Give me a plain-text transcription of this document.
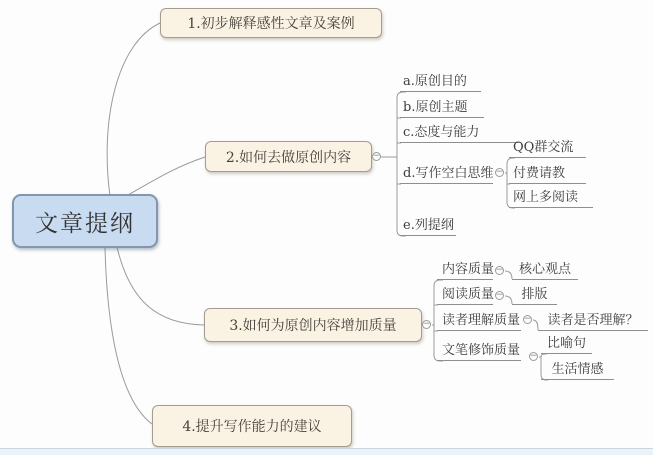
文章提纲
1.初步解释感性文章及案例
2.如何去做原创内容
3.如何为原创内容增加质量
4.提升写作能力的建议
a.原创目的
b.原创主题
c.态度与能力
d.写作空白思维
e.列提纲
QQ群交流
付费请教
网上多阅读
内容质量	核心观点
阅读质量	排版
读者理解质量	读者是否理解？
文笔修饰质量	比喻句
生活情感
−
−
−
−
−
−
−
